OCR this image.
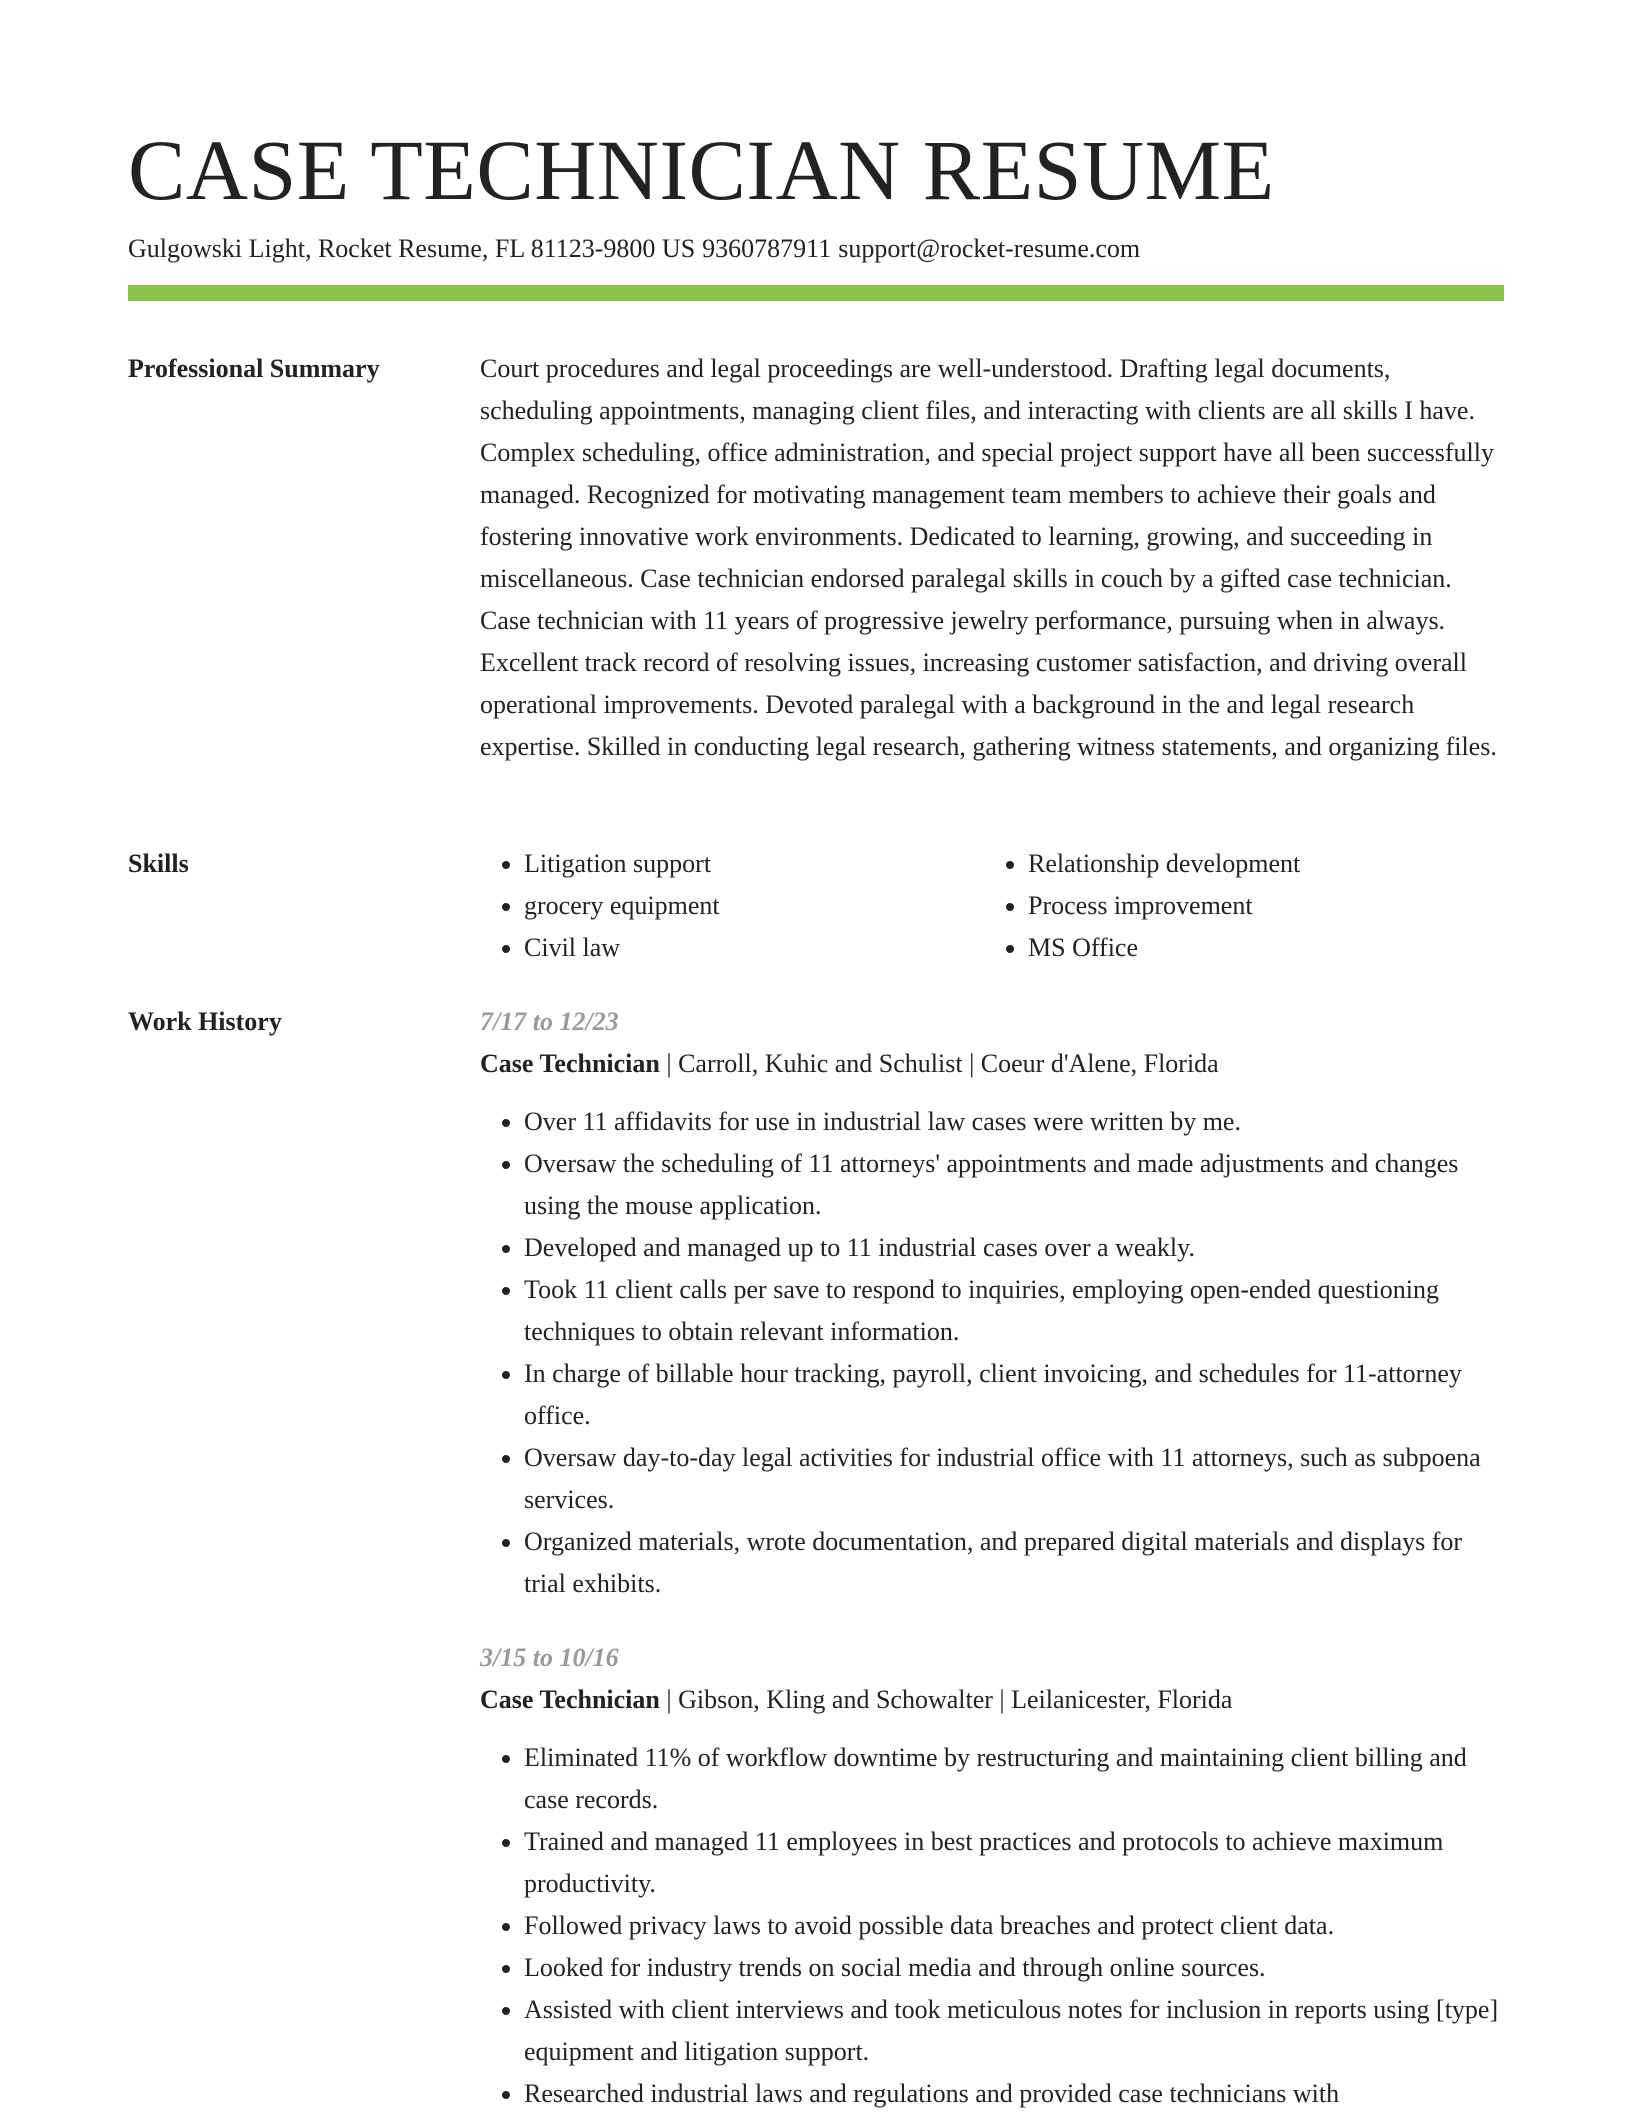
CASE TECHNICIAN RESUME
Gulgowski Light, Rocket Resume, FL 81123-9800 US 9360787911 support@rocket-resume.com
Professional Summary	Court procedures and legal proceedings are well-understood. Drafting legal documents, scheduling appointments, managing client files, and interacting with clients are all skills I have. Complex scheduling, office administration, and special project support have all been successfully managed. Recognized for motivating management team members to achieve their goals and fostering innovative work environments. Dedicated to learning, growing, and succeeding in miscellaneous. Case technician endorsed paralegal skills in couch by a gifted case technician. Case technician with 11 years of progressive jewelry performance, pursuing when in always. Excellent track record of resolving issues, increasing customer satisfaction, and driving overall operational improvements. Devoted paralegal with a background in the and legal research expertise. Skilled in conducting legal research, gathering witness statements, and organizing files.

Skills
•	Litigation support
• grocery equipment
• Civil law
• Relationship development
• Process improvement
• MS Office
Work History	7/17 to 12/23
Case Technician | Carroll, Kuhic and Schulist | Coeur d'Alene, Florida
• Over 11 affidavits for use in industrial law cases were written by me.
• Oversaw the scheduling of 11 attorneys' appointments and made adjustments and changes using the mouse application.
• Developed and managed up to 11 industrial cases over a weakly.
• Took 11 client calls per save to respond to inquiries, employing open-ended questioning techniques to obtain relevant information.
• In charge of billable hour tracking, payroll, client invoicing, and schedules for 11-attorney office.
• Oversaw day-to-day legal activities for industrial office with 11 attorneys, such as subpoena services.
• Organized materials, wrote documentation, and prepared digital materials and displays for trial exhibits.
3/15 to 10/16
Case Technician | Gibson, Kling and Schowalter | Leilanicester, Florida
• Eliminated 11% of workflow downtime by restructuring and maintaining client billing and case records.
• Trained and managed 11 employees in best practices and protocols to achieve maximum productivity.
• Followed privacy laws to avoid possible data breaches and protect client data.
• Looked for industry trends on social media and through online sources.
• Assisted with client interviews and took meticulous notes for inclusion in reports using [type] equipment and litigation support.
• Researched industrial laws and regulations and provided case technicians with
